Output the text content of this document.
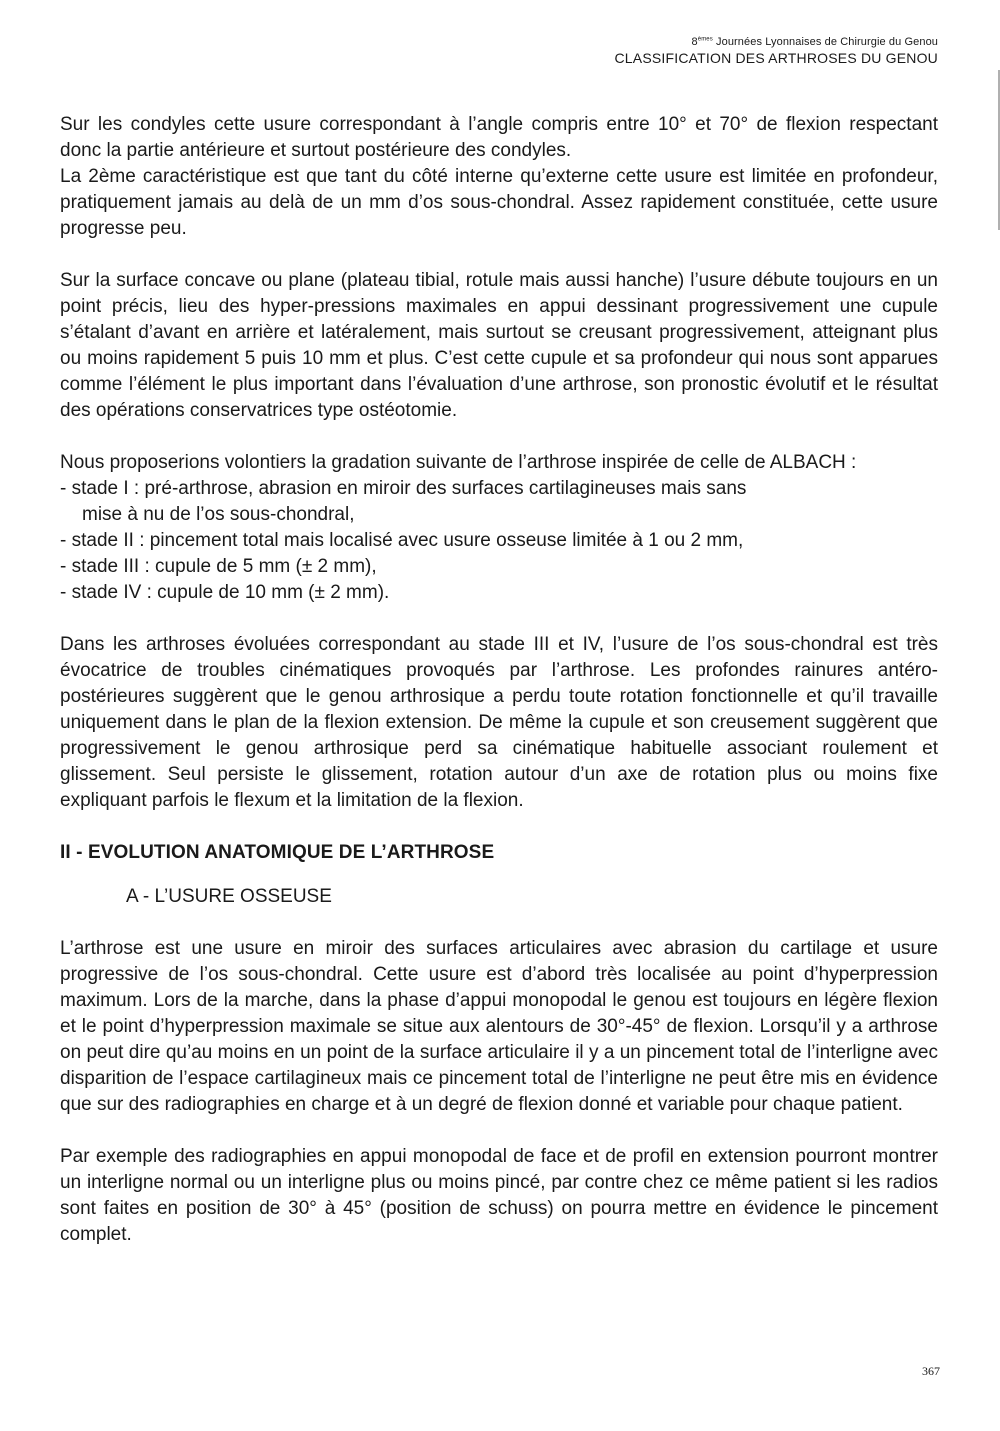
8èmes Journées Lyonnaises de Chirurgie du Genou
CLASSIFICATION DES ARTHROSES DU GENOU

Sur les condyles cette usure correspondant à l’angle compris entre 10° et 70° de flexion respectant donc la partie antérieure et surtout postérieure des condyles.

La 2ème caractéristique est que tant du côté interne qu’externe cette usure est limitée en profondeur, pratiquement jamais au delà de un mm d’os sous-chondral. Assez rapidement constituée, cette usure progresse peu.

Sur la surface concave ou plane (plateau tibial, rotule mais aussi hanche) l’usure débute toujours en un point précis, lieu des hyper-pressions maximales en appui dessinant progressivement une cupule s’étalant d’avant en arrière et latéralement, mais surtout se creusant progressivement, atteignant plus ou moins rapidement 5 puis 10 mm et plus. C’est cette cupule et sa profondeur qui nous sont apparues comme l’élément le plus important dans l’évaluation d’une arthrose, son pronostic évolutif et le résultat des opérations conservatrices type ostéotomie.

Nous proposerions volontiers la gradation suivante de l’arthrose inspirée de celle de ALBACH :

- stade I : pré-arthrose, abrasion en miroir des surfaces cartilagineuses mais sans
mise à nu de l’os sous-chondral,

- stade II : pincement total mais localisé avec usure osseuse limitée à 1 ou 2 mm,

- stade III : cupule de 5 mm (± 2 mm),

- stade IV : cupule de 10 mm (± 2 mm).

Dans les arthroses évoluées correspondant au stade III et IV, l’usure de l’os sous-chondral est très évocatrice de troubles cinématiques provoqués par l’arthrose. Les profondes rainures antéro-postérieures suggèrent que le genou arthrosique a perdu toute rotation fonctionnelle et qu’il travaille uniquement dans le plan de la flexion extension. De même la cupule et son creusement suggèrent que progressivement le genou arthrosique perd sa cinématique habituelle associant roulement et glissement. Seul persiste le glissement, rotation autour d’un axe de rotation plus ou moins fixe expliquant parfois le flexum et la limitation de la flexion.

II - EVOLUTION ANATOMIQUE DE L’ARTHROSE

A - L’USURE OSSEUSE

L’arthrose est une usure en miroir des surfaces articulaires avec abrasion du cartilage et usure progressive de l’os sous-chondral. Cette usure est d’abord très localisée au point d’hyperpression maximum. Lors de la marche, dans la phase d’appui monopodal le genou est toujours en légère flexion et le point d’hyperpression maximale se situe aux alentours de 30°-45° de flexion. Lorsqu’il y a arthrose on peut dire qu’au moins en un point de la surface articulaire il y a un pincement total de l’interligne avec disparition de l’espace cartilagineux mais ce pincement total de l’interligne ne peut être mis en évidence que sur des radiographies en charge et à un degré de flexion donné et variable pour chaque patient.

Par exemple des radiographies en appui monopodal de face et de profil en extension pourront montrer un interligne normal ou un interligne plus ou moins pincé, par contre chez ce même patient si les radios sont faites en position de 30° à 45° (position de schuss) on pourra mettre en évidence le pincement complet.

367
